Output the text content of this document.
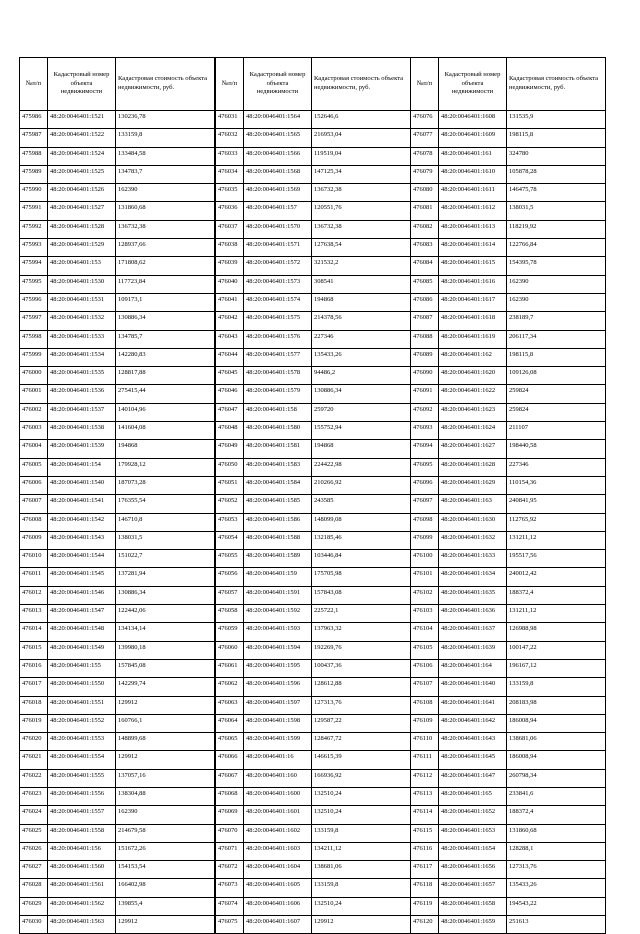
№п/п	Кадастровый номер объекта недвижимости	Кадастровая стоимость объекта недвижимости, руб.
475986	48:20:0046401:1521	130236,78
475987	48:20:0046401:1522	133159,8
475988	48:20:0046401:1524	133484,58
475989	48:20:0046401:1525	134783,7
475990	48:20:0046401:1526	162390
475991	48:20:0046401:1527	131860,68
475992	48:20:0046401:1528	136732,38
475993	48:20:0046401:1529	128937,66
475994	48:20:0046401:153	171808,62
475995	48:20:0046401:1530	117723,84
475996	48:20:0046401:1531	109173,1
475997	48:20:0046401:1532	130886,34
475998	48:20:0046401:1533	134785,7
475999	48:20:0046401:1534	142280,83
476000	48:20:0046401:1535	128817,88
476001	48:20:0046401:1536	275415,44
476002	48:20:0046401:1537	140104,96
476003	48:20:0046401:1538	141604,08
476004	48:20:0046401:1539	194868
476005	48:20:0046401:154	179928,12
476006	48:20:0046401:1540	187073,28
476007	48:20:0046401:1541	176355,54
476008	48:20:0046401:1542	146710,8
476009	48:20:0046401:1543	138031,5
476010	48:20:0046401:1544	151022,7
476011	48:20:0046401:1545	137281,94
476012	48:20:0046401:1546	130886,34
476013	48:20:0046401:1547	122442,06
476014	48:20:0046401:1548	134134,14
476015	48:20:0046401:1549	139980,18
476016	48:20:0046401:155	157845,08
476017	48:20:0046401:1550	142299,74
476018	48:20:0046401:1551	129912
476019	48:20:0046401:1552	160766,1
476020	48:20:0046401:1553	148899,68
476021	48:20:0046401:1554	129912
476022	48:20:0046401:1555	137057,16
476023	48:20:0046401:1556	138304,88
476024	48:20:0046401:1557	162390
476025	48:20:0046401:1558	214679,58
476026	48:20:0046401:156	151672,26
476027	48:20:0046401:1560	154153,54
476028	48:20:0046401:1561	166402,98
476029	48:20:0046401:1562	139855,4
476030	48:20:0046401:1563	129912
№п/п	Кадастровый номер объекта недвижимости	Кадастровая стоимость объекта недвижимости, руб.
476031	48:20:0046401:1564	152646,6
476032	48:20:0046401:1565	216953,04
476033	48:20:0046401:1566	119519,04
476034	48:20:0046401:1568	147125,34
476035	48:20:0046401:1569	136732,38
476036	48:20:0046401:157	120551,76
476037	48:20:0046401:1570	136732,38
476038	48:20:0046401:1571	127638,54
476039	48:20:0046401:1572	321532,2
476040	48:20:0046401:1573	308541
476041	48:20:0046401:1574	194868
476042	48:20:0046401:1575	214378,56
476043	48:20:0046401:1576	227346
476044	48:20:0046401:1577	135433,26
476045	48:20:0046401:1578	94486,2
476046	48:20:0046401:1579	130886,34
476047	48:20:0046401:158	259720
476048	48:20:0046401:1580	155752,94
476049	48:20:0046401:1581	194868
476050	48:20:0046401:1583	224422,98
476051	48:20:0046401:1584	210266,92
476052	48:20:0046401:1585	243585
476053	48:20:0046401:1586	148099,08
476054	48:20:0046401:1588	132185,46
476055	48:20:0046401:1589	103446,84
476056	48:20:0046401:159	175705,98
476057	48:20:0046401:1591	157843,08
476058	48:20:0046401:1592	225722,1
476059	48:20:0046401:1593	137963,32
476060	48:20:0046401:1594	192269,76
476061	48:20:0046401:1595	100437,36
476062	48:20:0046401:1596	128612,88
476063	48:20:0046401:1597	127313,76
476064	48:20:0046401:1598	129587,22
476065	48:20:0046401:1599	128467,72
476066	48:20:0046401:16	146615,39
476067	48:20:0046401:160	166936,92
476068	48:20:0046401:1600	132510,24
476069	48:20:0046401:1601	132510,24
476070	48:20:0046401:1602	133159,8
476071	48:20:0046401:1603	134211,12
476072	48:20:0046401:1604	138681,06
476073	48:20:0046401:1605	133159,8
476074	48:20:0046401:1606	132510,24
476075	48:20:0046401:1607	129912
№п/п	Кадастровый номер объекта недвижимости	Кадастровая стоимость объекта недвижимости, руб.
476076	48:20:0046401:1608	131535,9
476077	48:20:0046401:1609	198115,8
476078	48:20:0046401:161	324780
476079	48:20:0046401:1610	105878,28
476080	48:20:0046401:1611	146475,78
476081	48:20:0046401:1612	138031,5
476082	48:20:0046401:1613	118219,92
476083	48:20:0046401:1614	122766,84
476084	48:20:0046401:1615	154395,78
476085	48:20:0046401:1616	162390
476086	48:20:0046401:1617	162390
476087	48:20:0046401:1618	238189,7
476088	48:20:0046401:1619	206117,34
476089	48:20:0046401:162	198115,8
476090	48:20:0046401:1620	109126,08
476091	48:20:0046401:1622	259824
476092	48:20:0046401:1623	259824
476093	48:20:0046401:1624	211107
476094	48:20:0046401:1627	198440,58
476095	48:20:0046401:1628	227346
476096	48:20:0046401:1629	110154,36
476097	48:20:0046401:163	240841,95
476098	48:20:0046401:1630	112765,92
476099	48:20:0046401:1632	131211,12
476100	48:20:0046401:1633	195517,56
476101	48:20:0046401:1634	240012,42
476102	48:20:0046401:1635	188372,4
476103	48:20:0046401:1636	131211,12
476104	48:20:0046401:1637	126988,98
476105	48:20:0046401:1639	100147,22
476106	48:20:0046401:164	196167,12
476107	48:20:0046401:1640	133159,8
476108	48:20:0046401:1641	208183,98
476109	48:20:0046401:1642	186008,94
476110	48:20:0046401:1643	138681,06
476111	48:20:0046401:1645	186008,94
476112	48:20:0046401:1647	260798,34
476113	48:20:0046401:165	233841,6
476114	48:20:0046401:1652	188372,4
476115	48:20:0046401:1653	131860,68
476116	48:20:0046401:1654	128288,1
476117	48:20:0046401:1656	127313,76
476118	48:20:0046401:1657	135433,26
476119	48:20:0046401:1658	194543,22
476120	48:20:0046401:1659	251613
